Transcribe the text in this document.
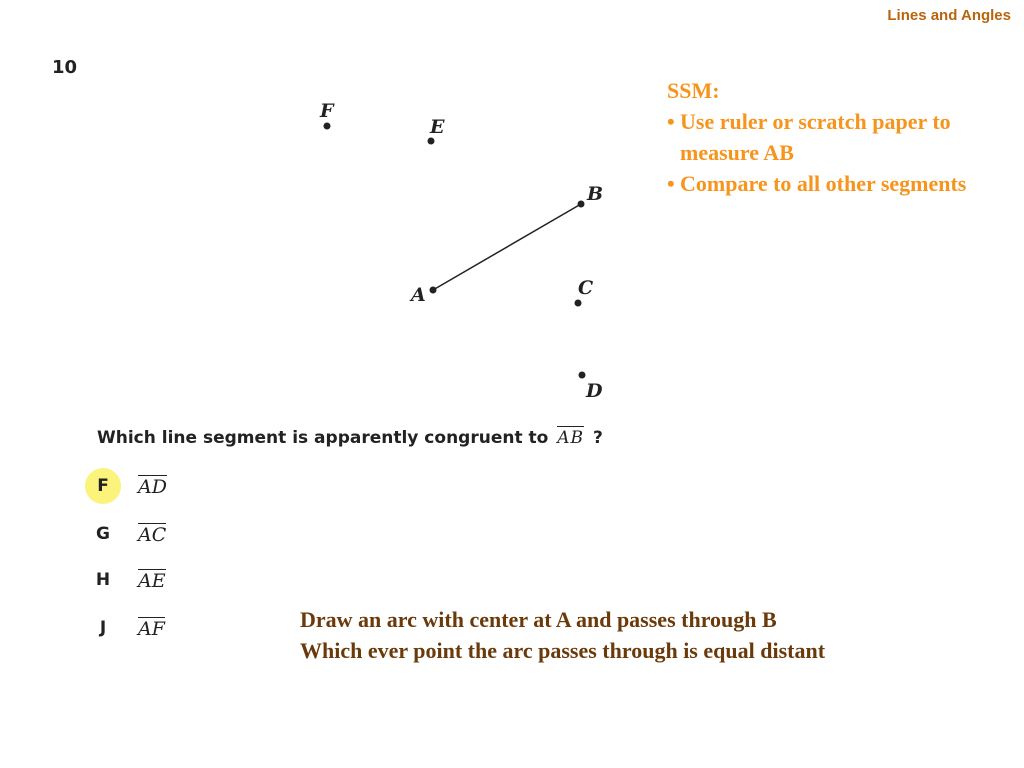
Lines and Angles
10
SSM:
• Use ruler or scratch paper to measure AB
• Compare to all other segments
F
E
B
A	C
D
Which line segment is apparently congruent to AB ?
F	AD
G	AC
H	AE
J	AF	Draw an arc with center at A and passes through B
Which ever point the arc passes through is equal distant
